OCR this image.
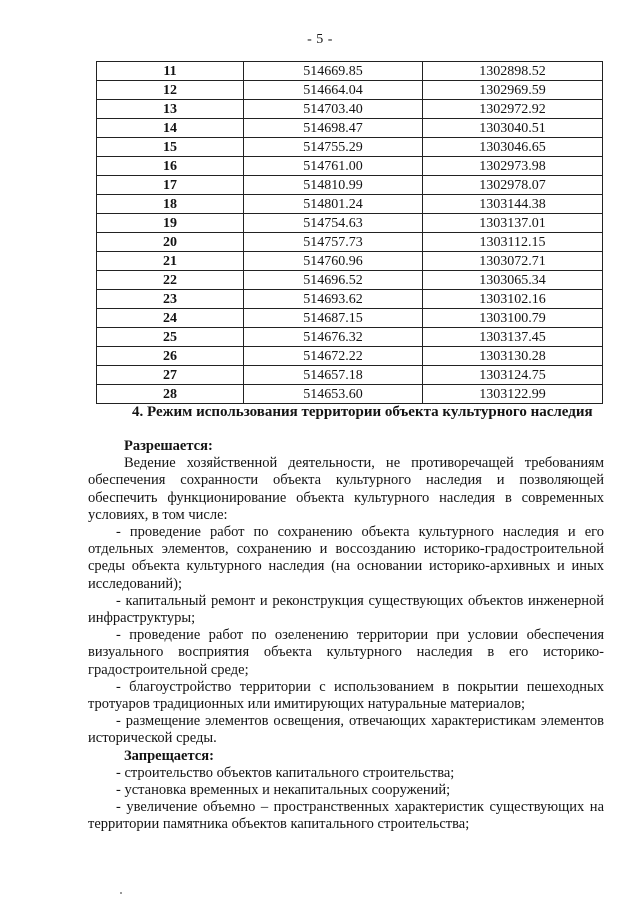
- 5 -
11	514669.85	1302898.52
12	514664.04	1302969.59
13	514703.40	1302972.92
14	514698.47	1303040.51
15	514755.29	1303046.65
16	514761.00	1302973.98
17	514810.99	1302978.07
18	514801.24	1303144.38
19	514754.63	1303137.01
20	514757.73	1303112.15
21	514760.96	1303072.71
22	514696.52	1303065.34
23	514693.62	1303102.16
24	514687.15	1303100.79
25	514676.32	1303137.45
26	514672.22	1303130.28
27	514657.18	1303124.75
28	514653.60	1303122.99
4. Режим использования территории объекта культурного наследия

Разрешается:

Ведение хозяйственной деятельности, не противоречащей требованиям обеспечения сохранности объекта культурного наследия и позволяющей обеспечить функционирование объекта культурного наследия в современных условиях, в том числе:

- проведение работ по сохранению объекта культурного наследия и его отдельных элементов, сохранению и воссозданию историко-градостроительной среды объекта культурного наследия (на основании историко-архивных и иных исследований);

- капитальный ремонт и реконструкция существующих объектов инженерной инфраструктуры;

- проведение работ по озеленению территории при условии обеспечения визуального восприятия объекта культурного наследия в его историко-градостроительной среде;

- благоустройство территории с использованием в покрытии пешеходных тротуаров традиционных или имитирующих натуральные материалов;

- размещение элементов освещения, отвечающих характеристикам элементов исторической среды.

Запрещается:

- строительство объектов капитального строительства;

- установка временных и некапитальных сооружений;

- увеличение объемно – пространственных характеристик существующих на территории памятника объектов капитального строительства;
